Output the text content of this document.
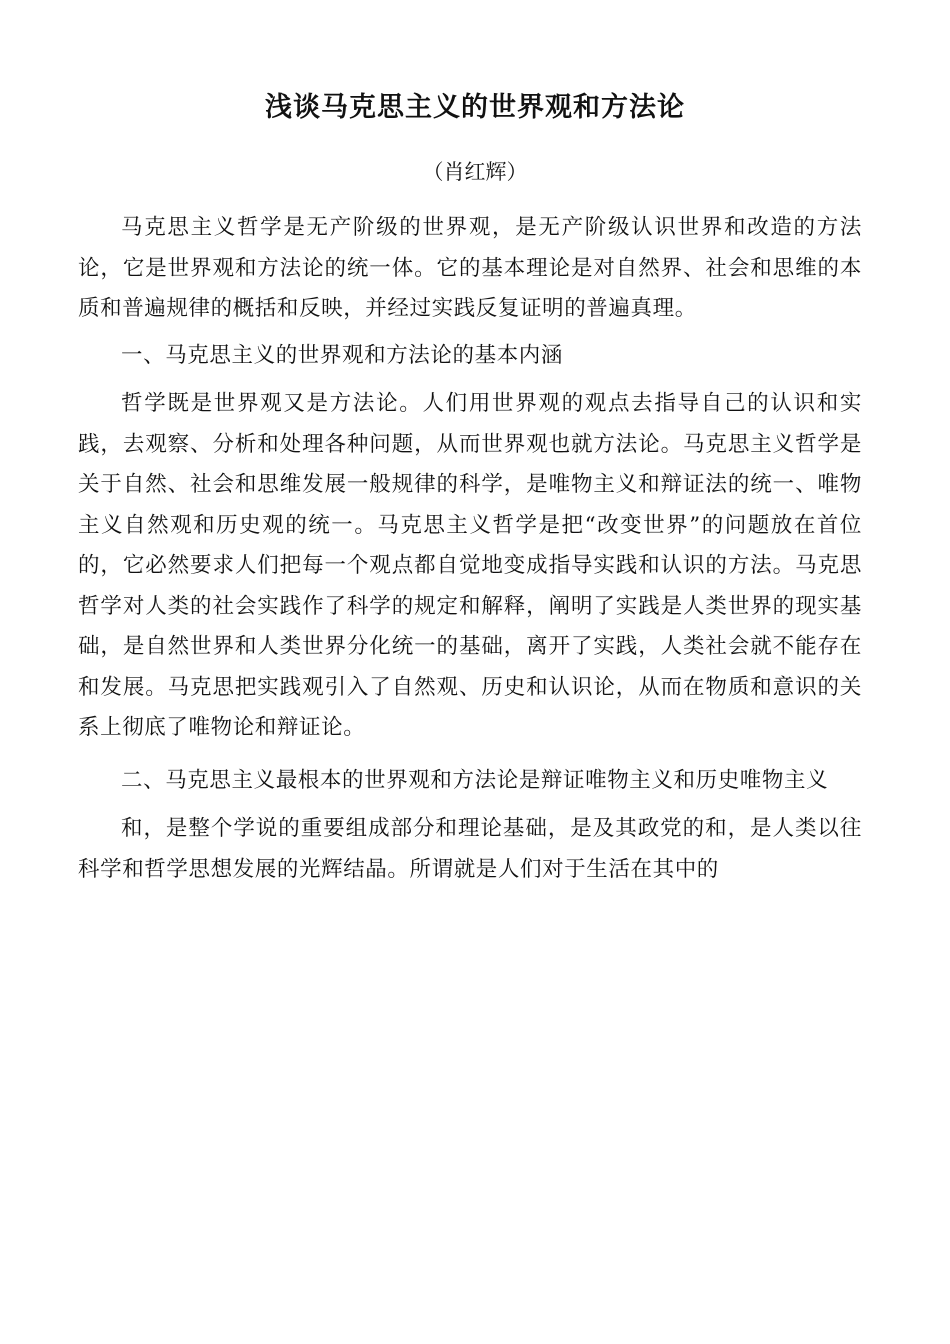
浅谈马克思主义的世界观和方法论
（肖红辉）

马克思主义哲学是无产阶级的世界观，是无产阶级认识世界和改造的方法论，它是世界观和方法论的统一体。它的基本理论是对自然界、社会和思维的本质和普遍规律的概括和反映，并经过实践反复证明的普遍真理。

一、马克思主义的世界观和方法论的基本内涵

哲学既是世界观又是方法论。人们用世界观的观点去指导自己的认识和实践，去观察、分析和处理各种问题，从而世界观也就方法论。马克思主义哲学是关于自然、社会和思维发展一般规律的科学，是唯物主义和辩证法的统一、唯物主义自然观和历史观的统一。马克思主义哲学是把“改变世界”的问题放在首位的，它必然要求人们把每一个观点都自觉地变成指导实践和认识的方法。马克思哲学对人类的社会实践作了科学的规定和解释，阐明了实践是人类世界的现实基础，是自然世界和人类世界分化统一的基础，离开了实践，人类社会就不能存在和发展。马克思把实践观引入了自然观、历史和认识论，从而在物质和意识的关系上彻底了唯物论和辩证论。

二、马克思主义最根本的世界观和方法论是辩证唯物主义和历史唯物主义

和，是整个学说的重要组成部分和理论基础，是及其政党的和，是人类以往科学和哲学思想发展的光辉结晶。所谓就是人们对于生活在其中的
